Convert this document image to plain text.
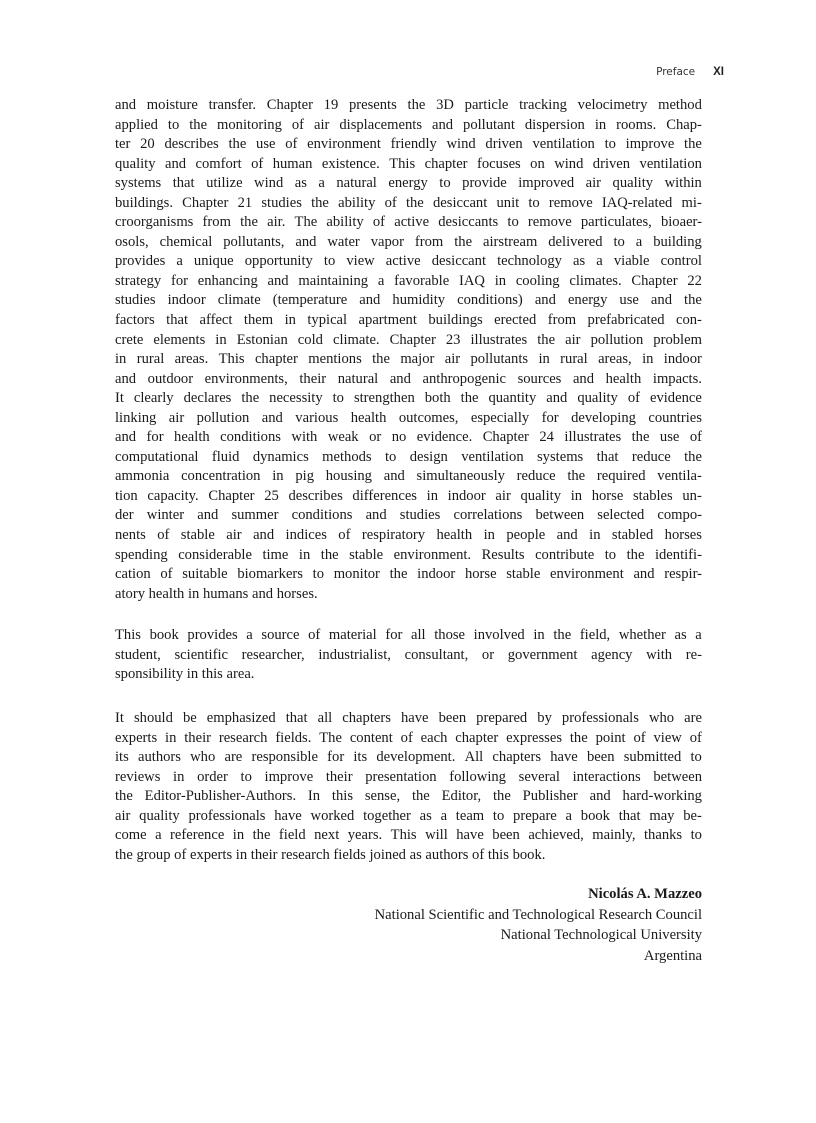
Preface XI
and moisture transfer. Chapter 19 presents the 3D particle tracking velocimetry method
applied to the monitoring of air displacements and pollutant dispersion in rooms. Chap-
ter 20 describes the use of environment friendly wind driven ventilation to improve the
quality and comfort of human existence. This chapter focuses on wind driven ventilation
systems that utilize wind as a natural energy to provide improved air quality within
buildings. Chapter 21 studies the ability of the desiccant unit to remove IAQ-related mi-
croorganisms from the air. The ability of active desiccants to remove particulates, bioaer-
osols, chemical pollutants, and water vapor from the airstream delivered to a building
provides a unique opportunity to view active desiccant technology as a viable control
strategy for enhancing and maintaining a favorable IAQ in cooling climates. Chapter 22
studies indoor climate (temperature and humidity conditions) and energy use and the
factors that affect them in typical apartment buildings erected from prefabricated con-
crete elements in Estonian cold climate. Chapter 23 illustrates the air pollution problem
in rural areas. This chapter mentions the major air pollutants in rural areas, in indoor
and outdoor environments, their natural and anthropogenic sources and health impacts.
It clearly declares the necessity to strengthen both the quantity and quality of evidence
linking air pollution and various health outcomes, especially for developing countries
and for health conditions with weak or no evidence. Chapter 24 illustrates the use of
computational fluid dynamics methods to design ventilation systems that reduce the
ammonia concentration in pig housing and simultaneously reduce the required ventila-
tion capacity. Chapter 25 describes differences in indoor air quality in horse stables un-
der winter and summer conditions and studies correlations between selected compo-
nents of stable air and indices of respiratory health in people and in stabled horses
spending considerable time in the stable environment. Results contribute to the identifi-
cation of suitable biomarkers to monitor the indoor horse stable environment and respir-
atory health in humans and horses.
This book provides a source of material for all those involved in the field, whether as a
student, scientific researcher, industrialist, consultant, or government agency with re-
sponsibility in this area.
It should be emphasized that all chapters have been prepared by professionals who are
experts in their research fields. The content of each chapter expresses the point of view of
its authors who are responsible for its development. All chapters have been submitted to
reviews in order to improve their presentation following several interactions between
the Editor-Publisher-Authors. In this sense, the Editor, the Publisher and hard-working
air quality professionals have worked together as a team to prepare a book that may be-
come a reference in the field next years. This will have been achieved, mainly, thanks to
the group of experts in their research fields joined as authors of this book.
Nicolás A. Mazzeo
National Scientific and Technological Research Council
National Technological University
Argentina
